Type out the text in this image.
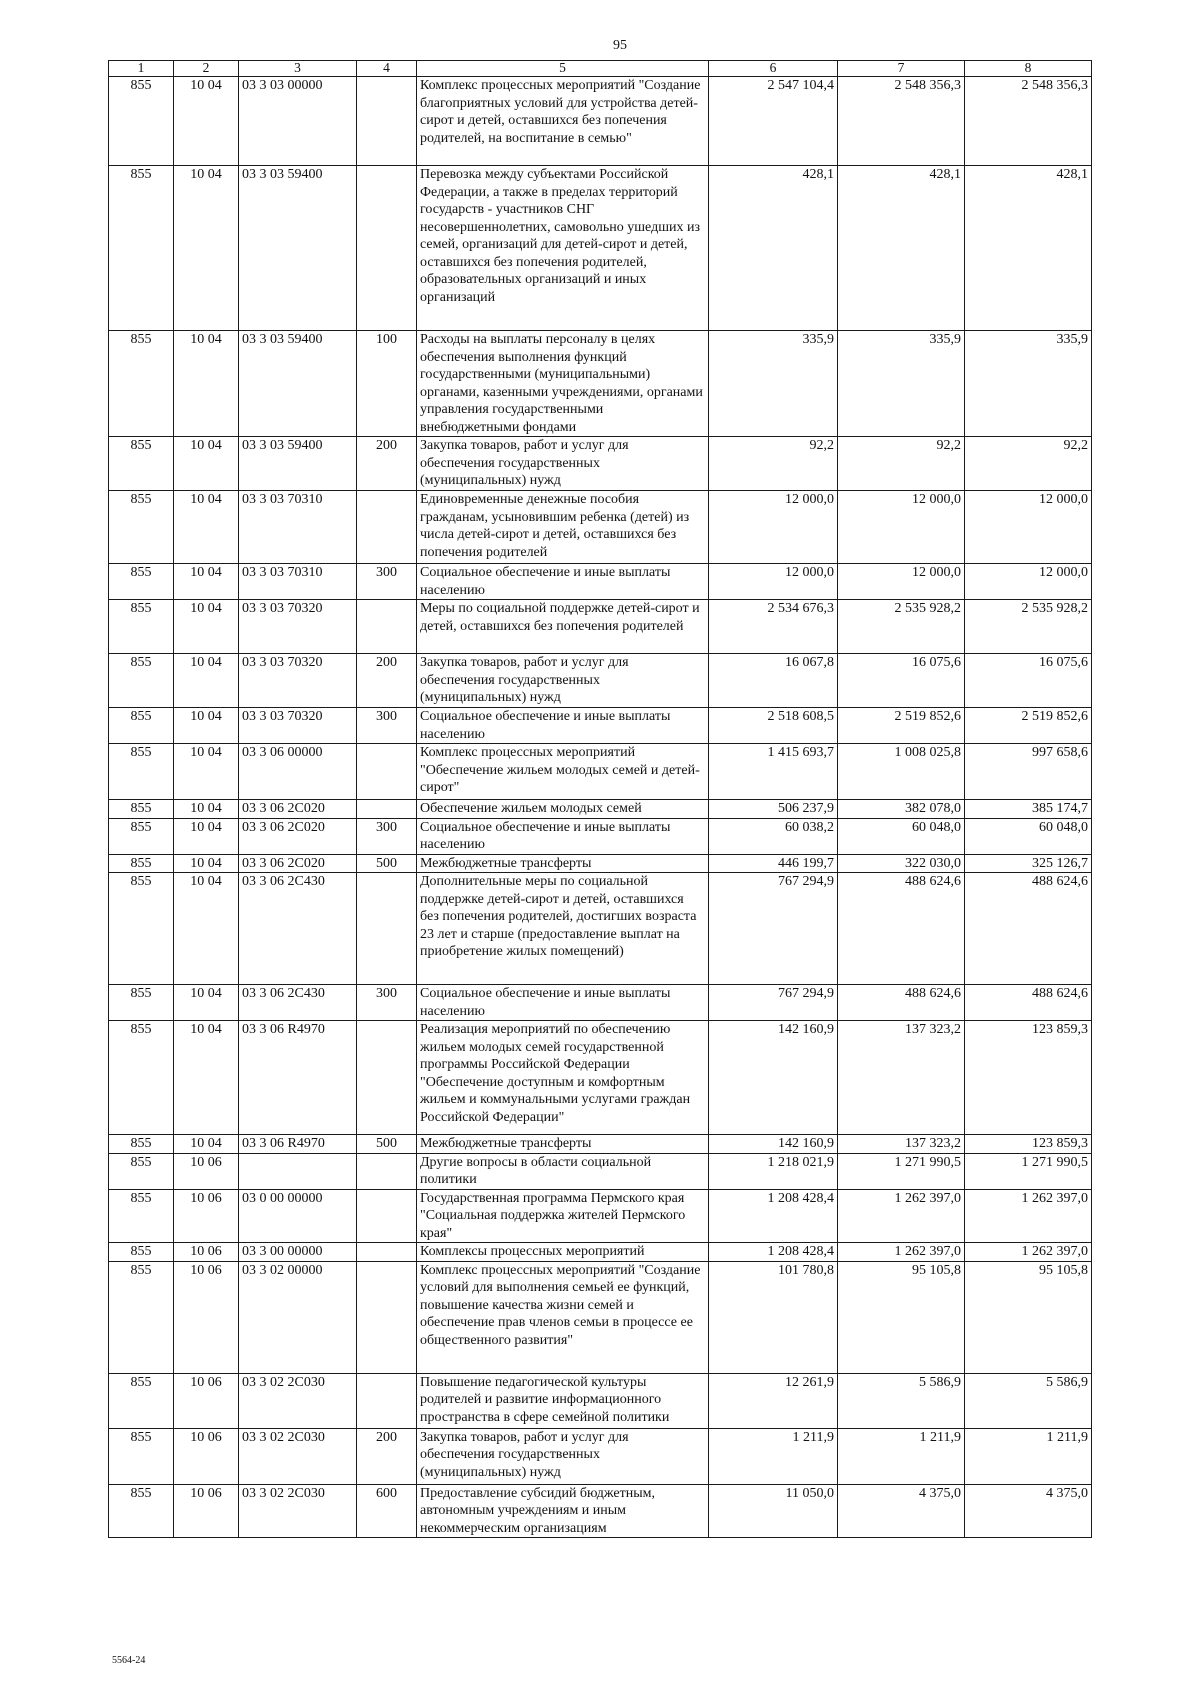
95
1	2	3	4	5	6	7	8
855	10 04	03 3 03 00000		Комплекс процессных мероприятий "Создание благоприятных условий для устройства детей-сирот и детей, оставшихся без попечения родителей, на воспитание в семью"	2 547 104,4	2 548 356,3	2 548 356,3
855	10 04	03 3 03 59400		Перевозка между субъектами Российской Федерации, а также в пределах территорий государств - участников СНГ несовершеннолетних, самовольно ушедших из семей, организаций для детей-сирот и детей, оставшихся без попечения родителей, образовательных организаций и иных организаций	428,1	428,1	428,1
855	10 04	03 3 03 59400	100	Расходы на выплаты персоналу в целях обеспечения выполнения функций государственными (муниципальными) органами, казенными учреждениями, органами управления государственными внебюджетными фондами	335,9	335,9	335,9
855	10 04	03 3 03 59400	200	Закупка товаров, работ и услуг для обеспечения государственных (муниципальных) нужд	92,2	92,2	92,2
855	10 04	03 3 03 70310		Единовременные денежные пособия гражданам, усыновившим ребенка (детей) из числа детей-сирот и детей, оставшихся без попечения родителей	12 000,0	12 000,0	12 000,0
855	10 04	03 3 03 70310	300	Социальное обеспечение и иные выплаты населению	12 000,0	12 000,0	12 000,0
855	10 04	03 3 03 70320		Меры по социальной поддержке детей-сирот и детей, оставшихся без попечения родителей	2 534 676,3	2 535 928,2	2 535 928,2
855	10 04	03 3 03 70320	200	Закупка товаров, работ и услуг для обеспечения государственных (муниципальных) нужд	16 067,8	16 075,6	16 075,6
855	10 04	03 3 03 70320	300	Социальное обеспечение и иные выплаты населению	2 518 608,5	2 519 852,6	2 519 852,6
855	10 04	03 3 06 00000		Комплекс процессных мероприятий "Обеспечение жильем молодых семей и детей-сирот"	1 415 693,7	1 008 025,8	997 658,6
855	10 04	03 3 06 2С020		Обеспечение жильем молодых семей	506 237,9	382 078,0	385 174,7
855	10 04	03 3 06 2С020	300	Социальное обеспечение и иные выплаты населению	60 038,2	60 048,0	60 048,0
855	10 04	03 3 06 2С020	500	Межбюджетные трансферты	446 199,7	322 030,0	325 126,7
855	10 04	03 3 06 2С430		Дополнительные меры по социальной поддержке детей-сирот и детей, оставшихся без попечения родителей, достигших возраста 23 лет и старше (предоставление выплат на приобретение жилых помещений)	767 294,9	488 624,6	488 624,6
855	10 04	03 3 06 2С430	300	Социальное обеспечение и иные выплаты населению	767 294,9	488 624,6	488 624,6
855	10 04	03 3 06 R4970		Реализация мероприятий по обеспечению жильем молодых семей государственной программы Российской Федерации "Обеспечение доступным и комфортным жильем и коммунальными услугами граждан Российской Федерации"	142 160,9	137 323,2	123 859,3
855	10 04	03 3 06 R4970	500	Межбюджетные трансферты	142 160,9	137 323,2	123 859,3
855	10 06			Другие вопросы в области социальной политики	1 218 021,9	1 271 990,5	1 271 990,5
855	10 06	03 0 00 00000		Государственная программа Пермского края "Социальная поддержка жителей Пермского края"	1 208 428,4	1 262 397,0	1 262 397,0
855	10 06	03 3 00 00000		Комплексы процессных мероприятий	1 208 428,4	1 262 397,0	1 262 397,0
855	10 06	03 3 02 00000		Комплекс процессных мероприятий "Создание условий для выполнения семьей ее функций, повышение качества жизни семей и обеспечение прав членов семьи в процессе ее общественного развития"	101 780,8	95 105,8	95 105,8
855	10 06	03 3 02 2С030		Повышение педагогической культуры родителей и развитие информационного пространства в сфере семейной политики	12 261,9	5 586,9	5 586,9
855	10 06	03 3 02 2С030	200	Закупка товаров, работ и услуг для обеспечения государственных (муниципальных) нужд	1 211,9	1 211,9	1 211,9
855	10 06	03 3 02 2С030	600	Предоставление субсидий бюджетным, автономным учреждениям и иным некоммерческим организациям	11 050,0	4 375,0	4 375,0
5564-24
